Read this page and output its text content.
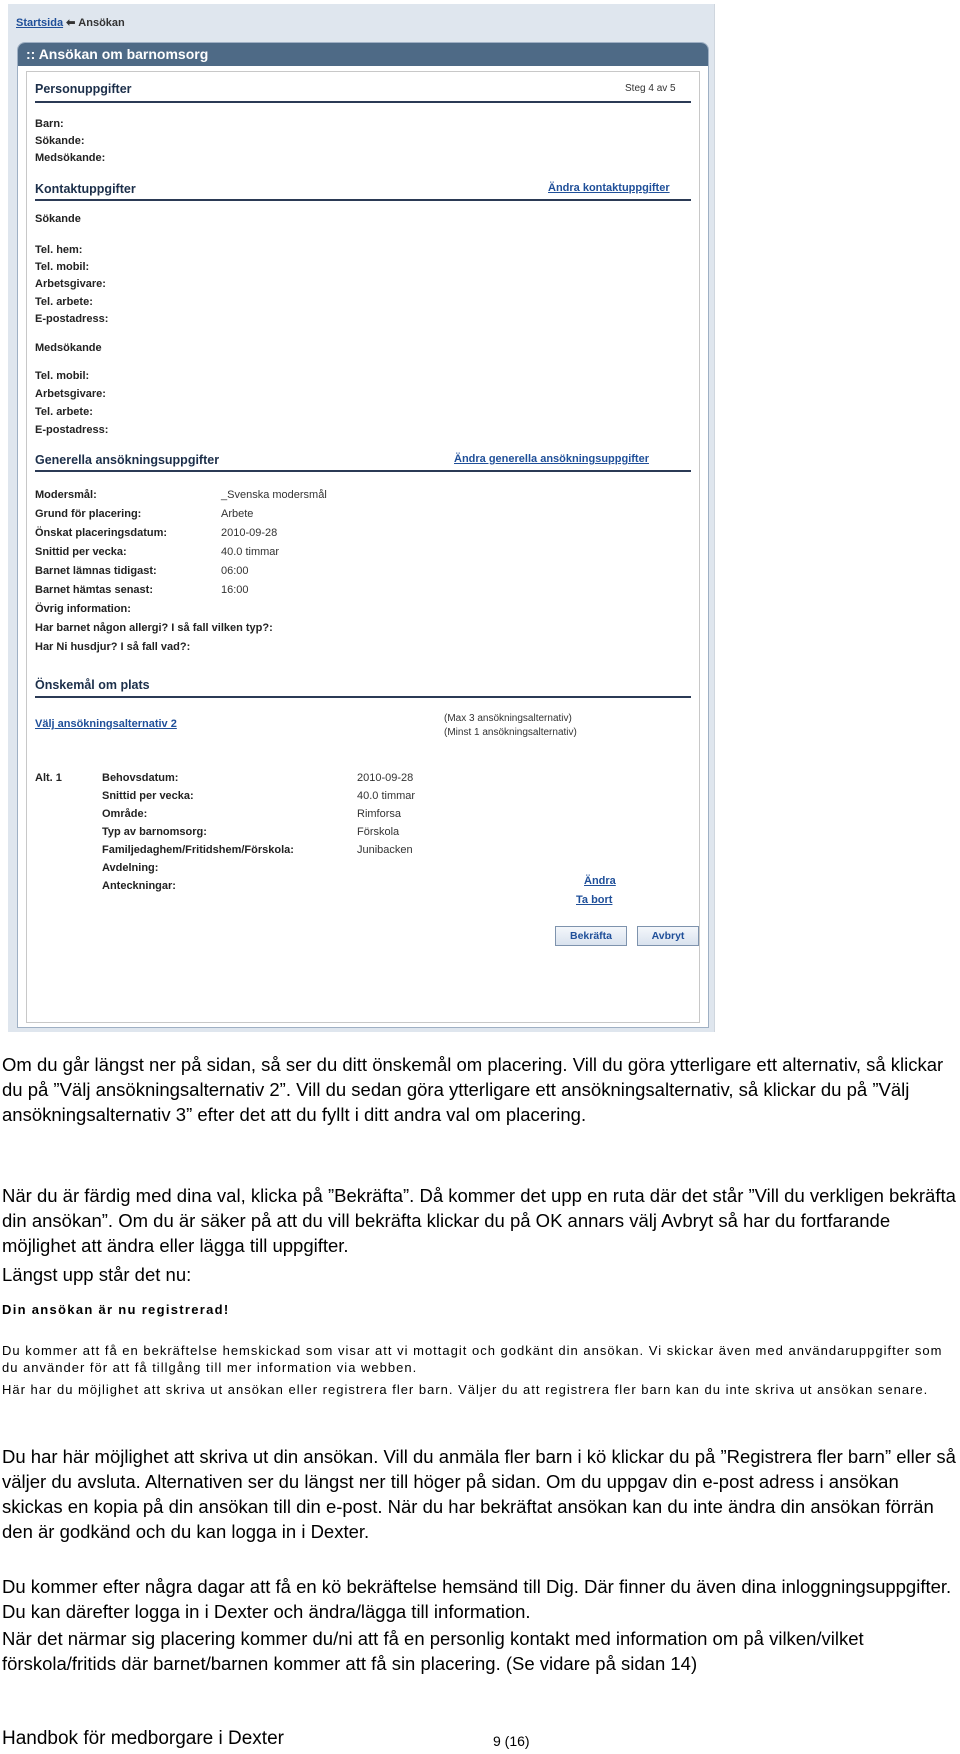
Startsida ⬅ Ansökan
:: Ansökan om barnomsorg
Personuppgifter	Steg 4 av 5
Barn:
Sökande:
Medsökande:
Kontaktuppgifter	Ändra kontaktuppgifter
Sökande
Tel. hem:
Tel. mobil:
Arbetsgivare:
Tel. arbete:
E-postadress:
Medsökande
Tel. mobil:
Arbetsgivare:
Tel. arbete:
E-postadress:
Generella ansökningsuppgifter	Ändra generella ansökningsuppgifter
Modersmål:	_Svenska modersmål
Grund för placering:	Arbete
Önskat placeringsdatum:	2010-09-28
Snittid per vecka:	40.0 timmar
Barnet lämnas tidigast:	06:00
Barnet hämtas senast:	16:00
Övrig information:
Har barnet någon allergi? I så fall vilken typ?:
Har Ni husdjur? I så fall vad?:
Önskemål om plats
Välj ansökningsalternativ 2	(Max 3 ansökningsalternativ)
(Minst 1 ansökningsalternativ)
Alt. 1	Behovsdatum:	2010-09-28
Snittid per vecka:	40.0 timmar
Område:	Rimforsa
Typ av barnomsorg:	Förskola
Familjedaghem/Fritidshem/Förskola:	Junibacken
Avdelning:
Anteckningar:	Ändra
Ta bort
Bekräfta	Avbryt
Om du går längst ner på sidan, så ser du ditt önskemål om placering. Vill du göra ytterligare ett alternativ, så klickar du på ”Välj ansökningsalternativ 2”. Vill du sedan göra ytterligare ett ansökningsalternativ, så klickar du på ”Välj ansökningsalternativ 3” efter det att du fyllt i ditt andra val om placering.
När du är färdig med dina val, klicka på ”Bekräfta”. Då kommer det upp en ruta där det står ”Vill du verkligen bekräfta din ansökan”. Om du är säker på att du vill bekräfta klickar du på OK annars välj Avbryt så har du fortfarande möjlighet att ändra eller lägga till uppgifter.
Längst upp står det nu:
Din ansökan är nu registrerad!
Du kommer att få en bekräftelse hemskickad som visar att vi mottagit och godkänt din ansökan. Vi skickar även med användaruppgifter som du använder för att få tillgång till mer information via webben.
Här har du möjlighet att skriva ut ansökan eller registrera fler barn. Väljer du att registrera fler barn kan du inte skriva ut ansökan senare.
Du har här möjlighet att skriva ut din ansökan. Vill du anmäla fler barn i kö klickar du på ”Registrera fler barn” eller så väljer du avsluta. Alternativen ser du längst ner till höger på sidan. Om du uppgav din e-post adress i ansökan skickas en kopia på din ansökan till din e-post. När du har bekräftat ansökan kan du inte ändra din ansökan förrän den är godkänd och du kan logga in i Dexter.
Du kommer efter några dagar att få en kö bekräftelse hemsänd till Dig. Där finner du även dina inloggningsuppgifter. Du kan därefter logga in i Dexter och ändra/lägga till information.
När det närmar sig placering kommer du/ni att få en personlig kontakt med information om på vilken/vilket förskola/fritids där barnet/barnen kommer att få sin placering. (Se vidare på sidan 14)
Handbok för medborgare i Dexter	9 (16)
